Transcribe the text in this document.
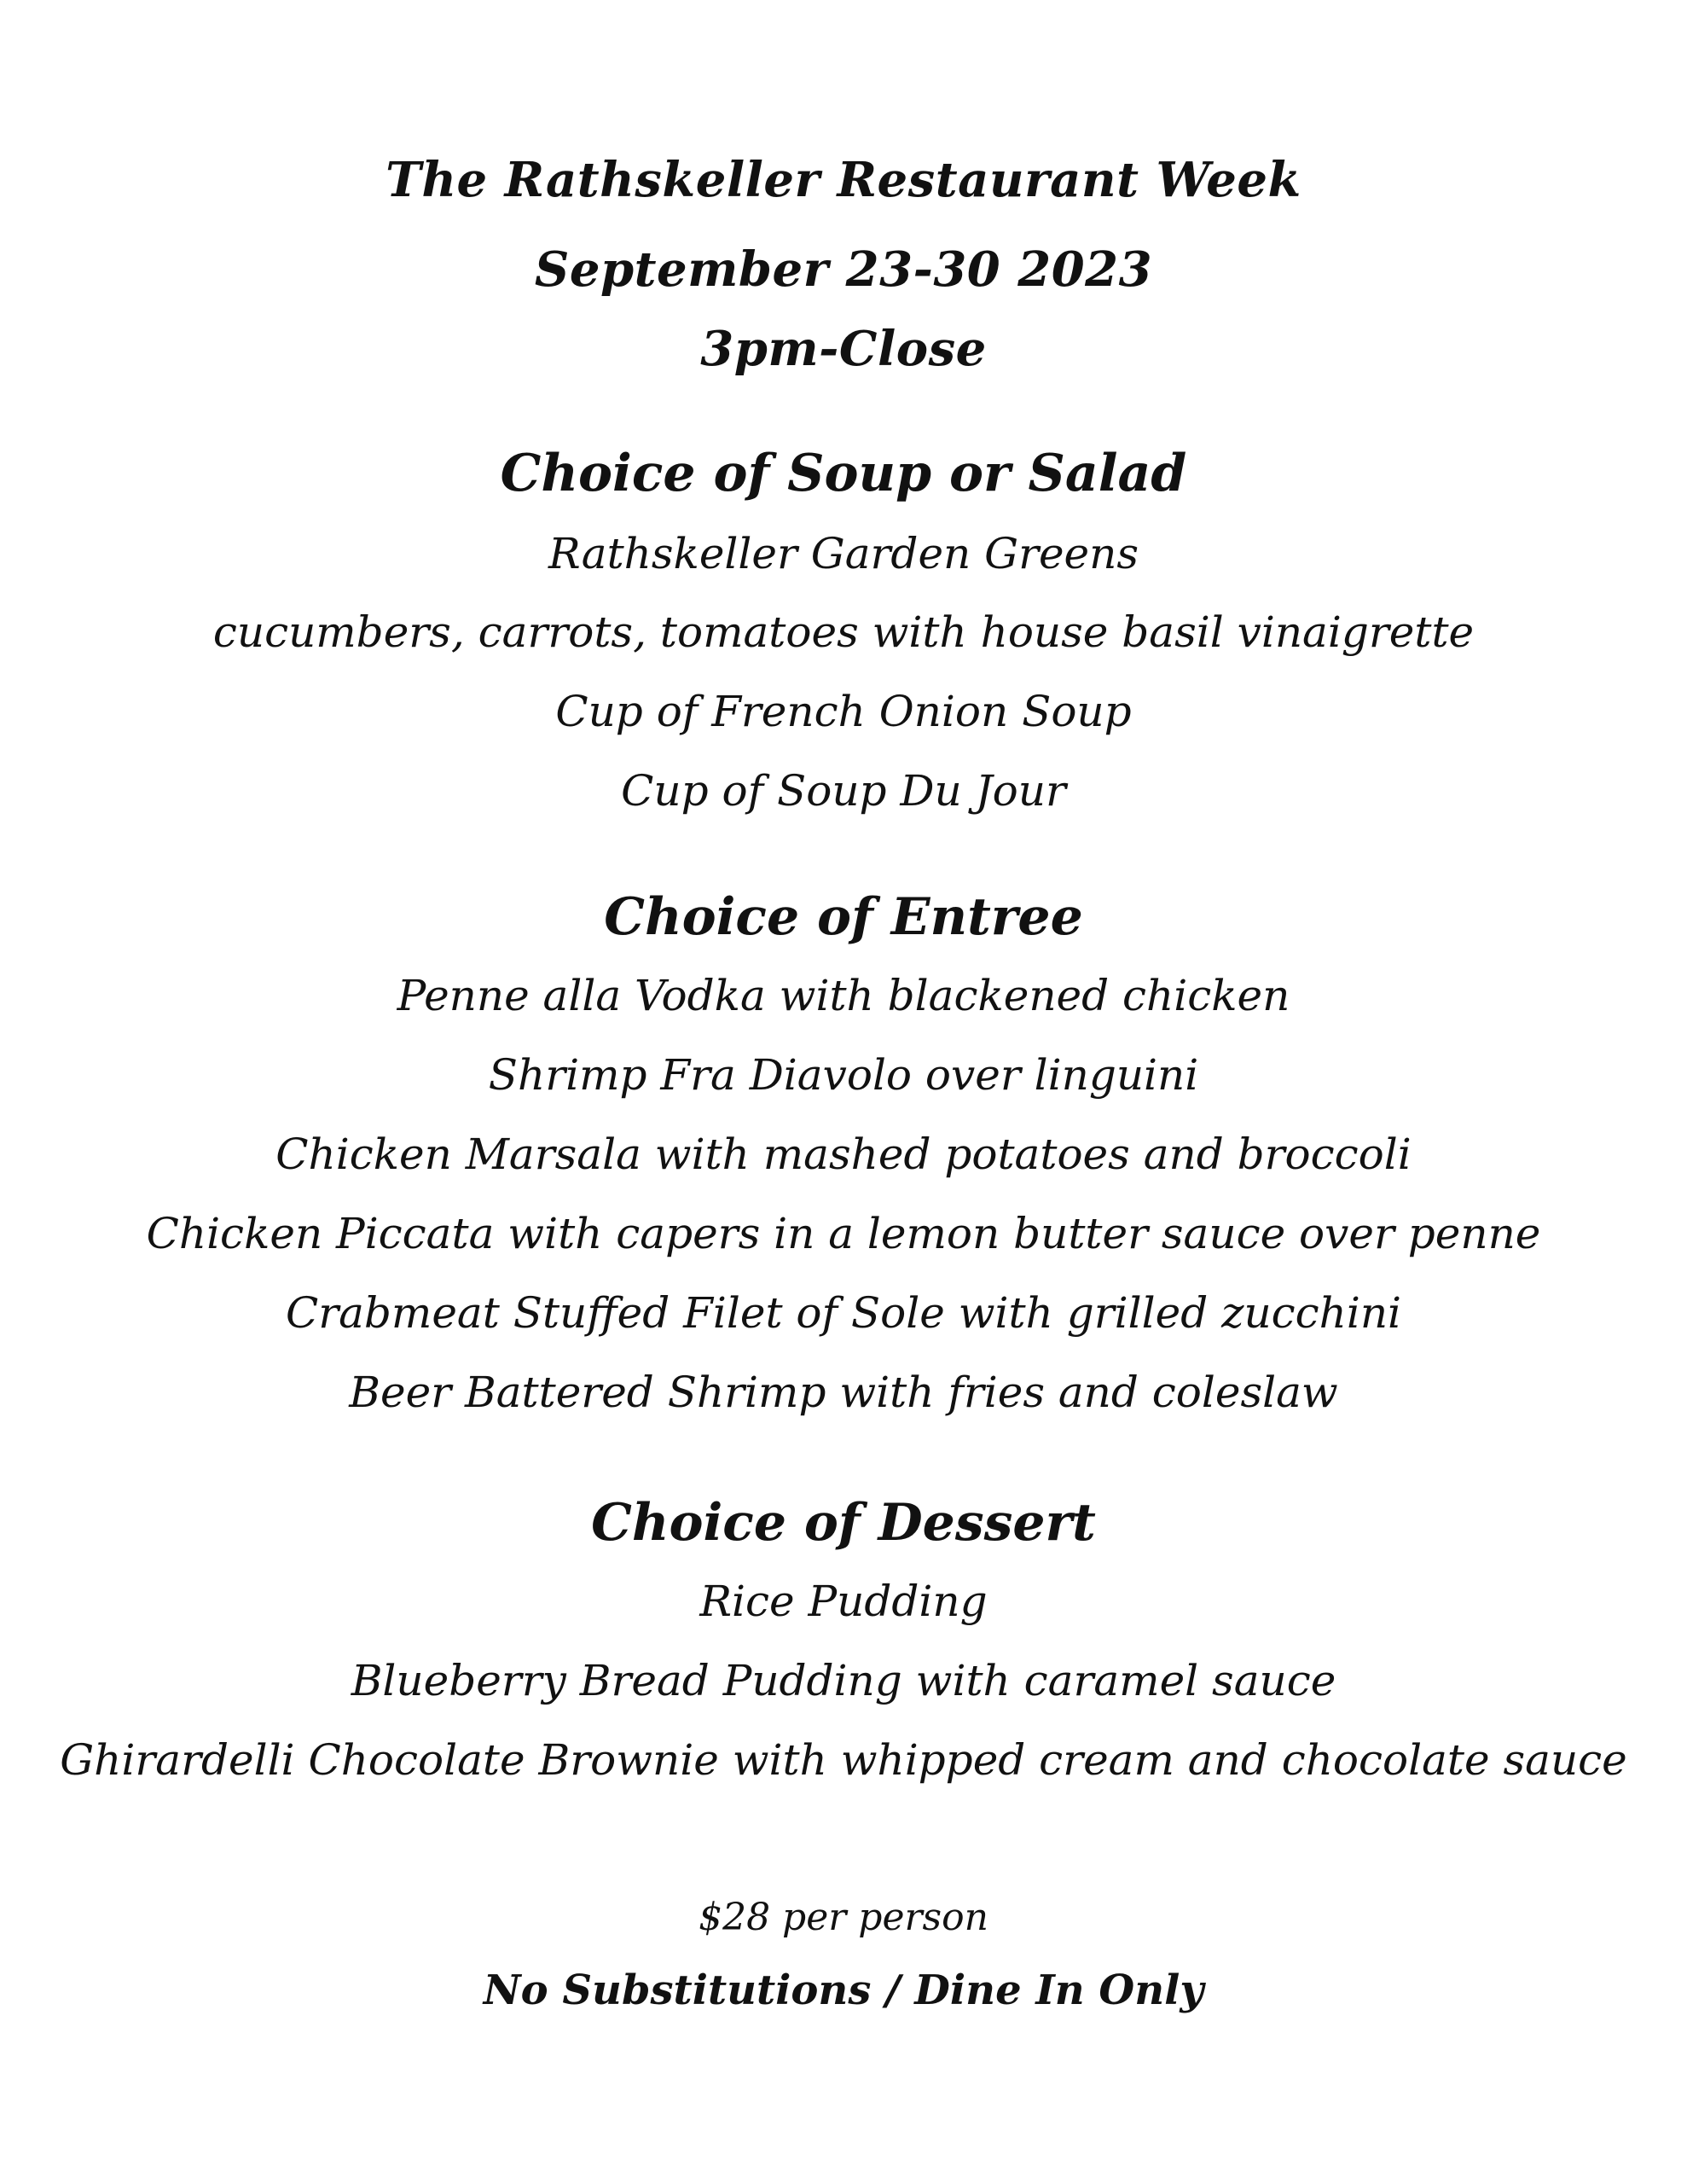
The Rathskeller Restaurant Week
September 23-30 2023
3pm-Close
Choice of Soup or Salad
Rathskeller Garden Greens
cucumbers, carrots, tomatoes with house basil vinaigrette
Cup of French Onion Soup
Cup of Soup Du Jour
Choice of Entree
Penne alla Vodka with blackened chicken
Shrimp Fra Diavolo over linguini
Chicken Marsala with mashed potatoes and broccoli
Chicken Piccata with capers in a lemon butter sauce over penne
Crabmeat Stuffed Filet of Sole with grilled zucchini
Beer Battered Shrimp with fries and coleslaw
Choice of Dessert
Rice Pudding
Blueberry Bread Pudding with caramel sauce
Ghirardelli Chocolate Brownie with whipped cream and chocolate sauce
$28 per person
No Substitutions / Dine In Only
